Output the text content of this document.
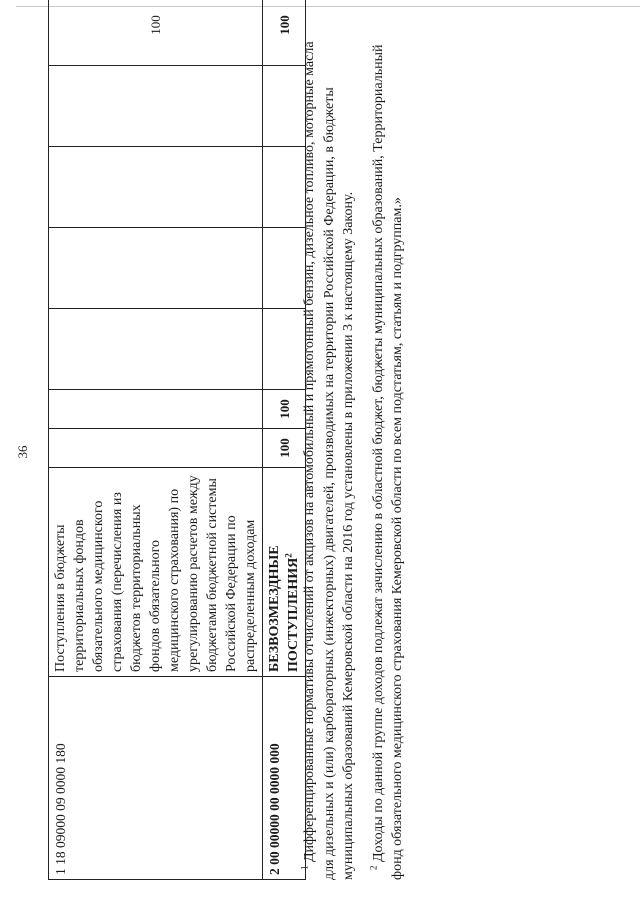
36
1 18 09000 09 0000 180	Поступления в бюджеты территориальных фондов обязательного медицинского страхования (перечисления из бюджетов территориальных фондов обязательного медицинского страхования) по урегулированию расчетов между бюджетами бюджетной системы Российской Федерации по распределенным доходам							100
2 00 00000 00 0000 000	БЕЗВОЗМЕЗДНЫЕ ПОСТУПЛЕНИЯ$^2$	100	100					100

$^1$ Дифференцированные нормативы отчислений от акцизов на автомобильный и прямогонный бензин, дизельное топливо, моторные масла для дизельных и (или) карбюраторных (инжекторных) двигателей, производимых на территории Российской Федерации, в бюджеты муниципальных образований Кемеровской области на 2016 год установлены в приложении 3 к настоящему Закону. $^2$ Доходы по данной группе доходов подлежат зачислению в областной бюджет, бюджеты муниципальных образований, Территориальный фонд обязательного медицинского страхования Кемеровской области по всем подстатьям, статьям и подгруппам.»
